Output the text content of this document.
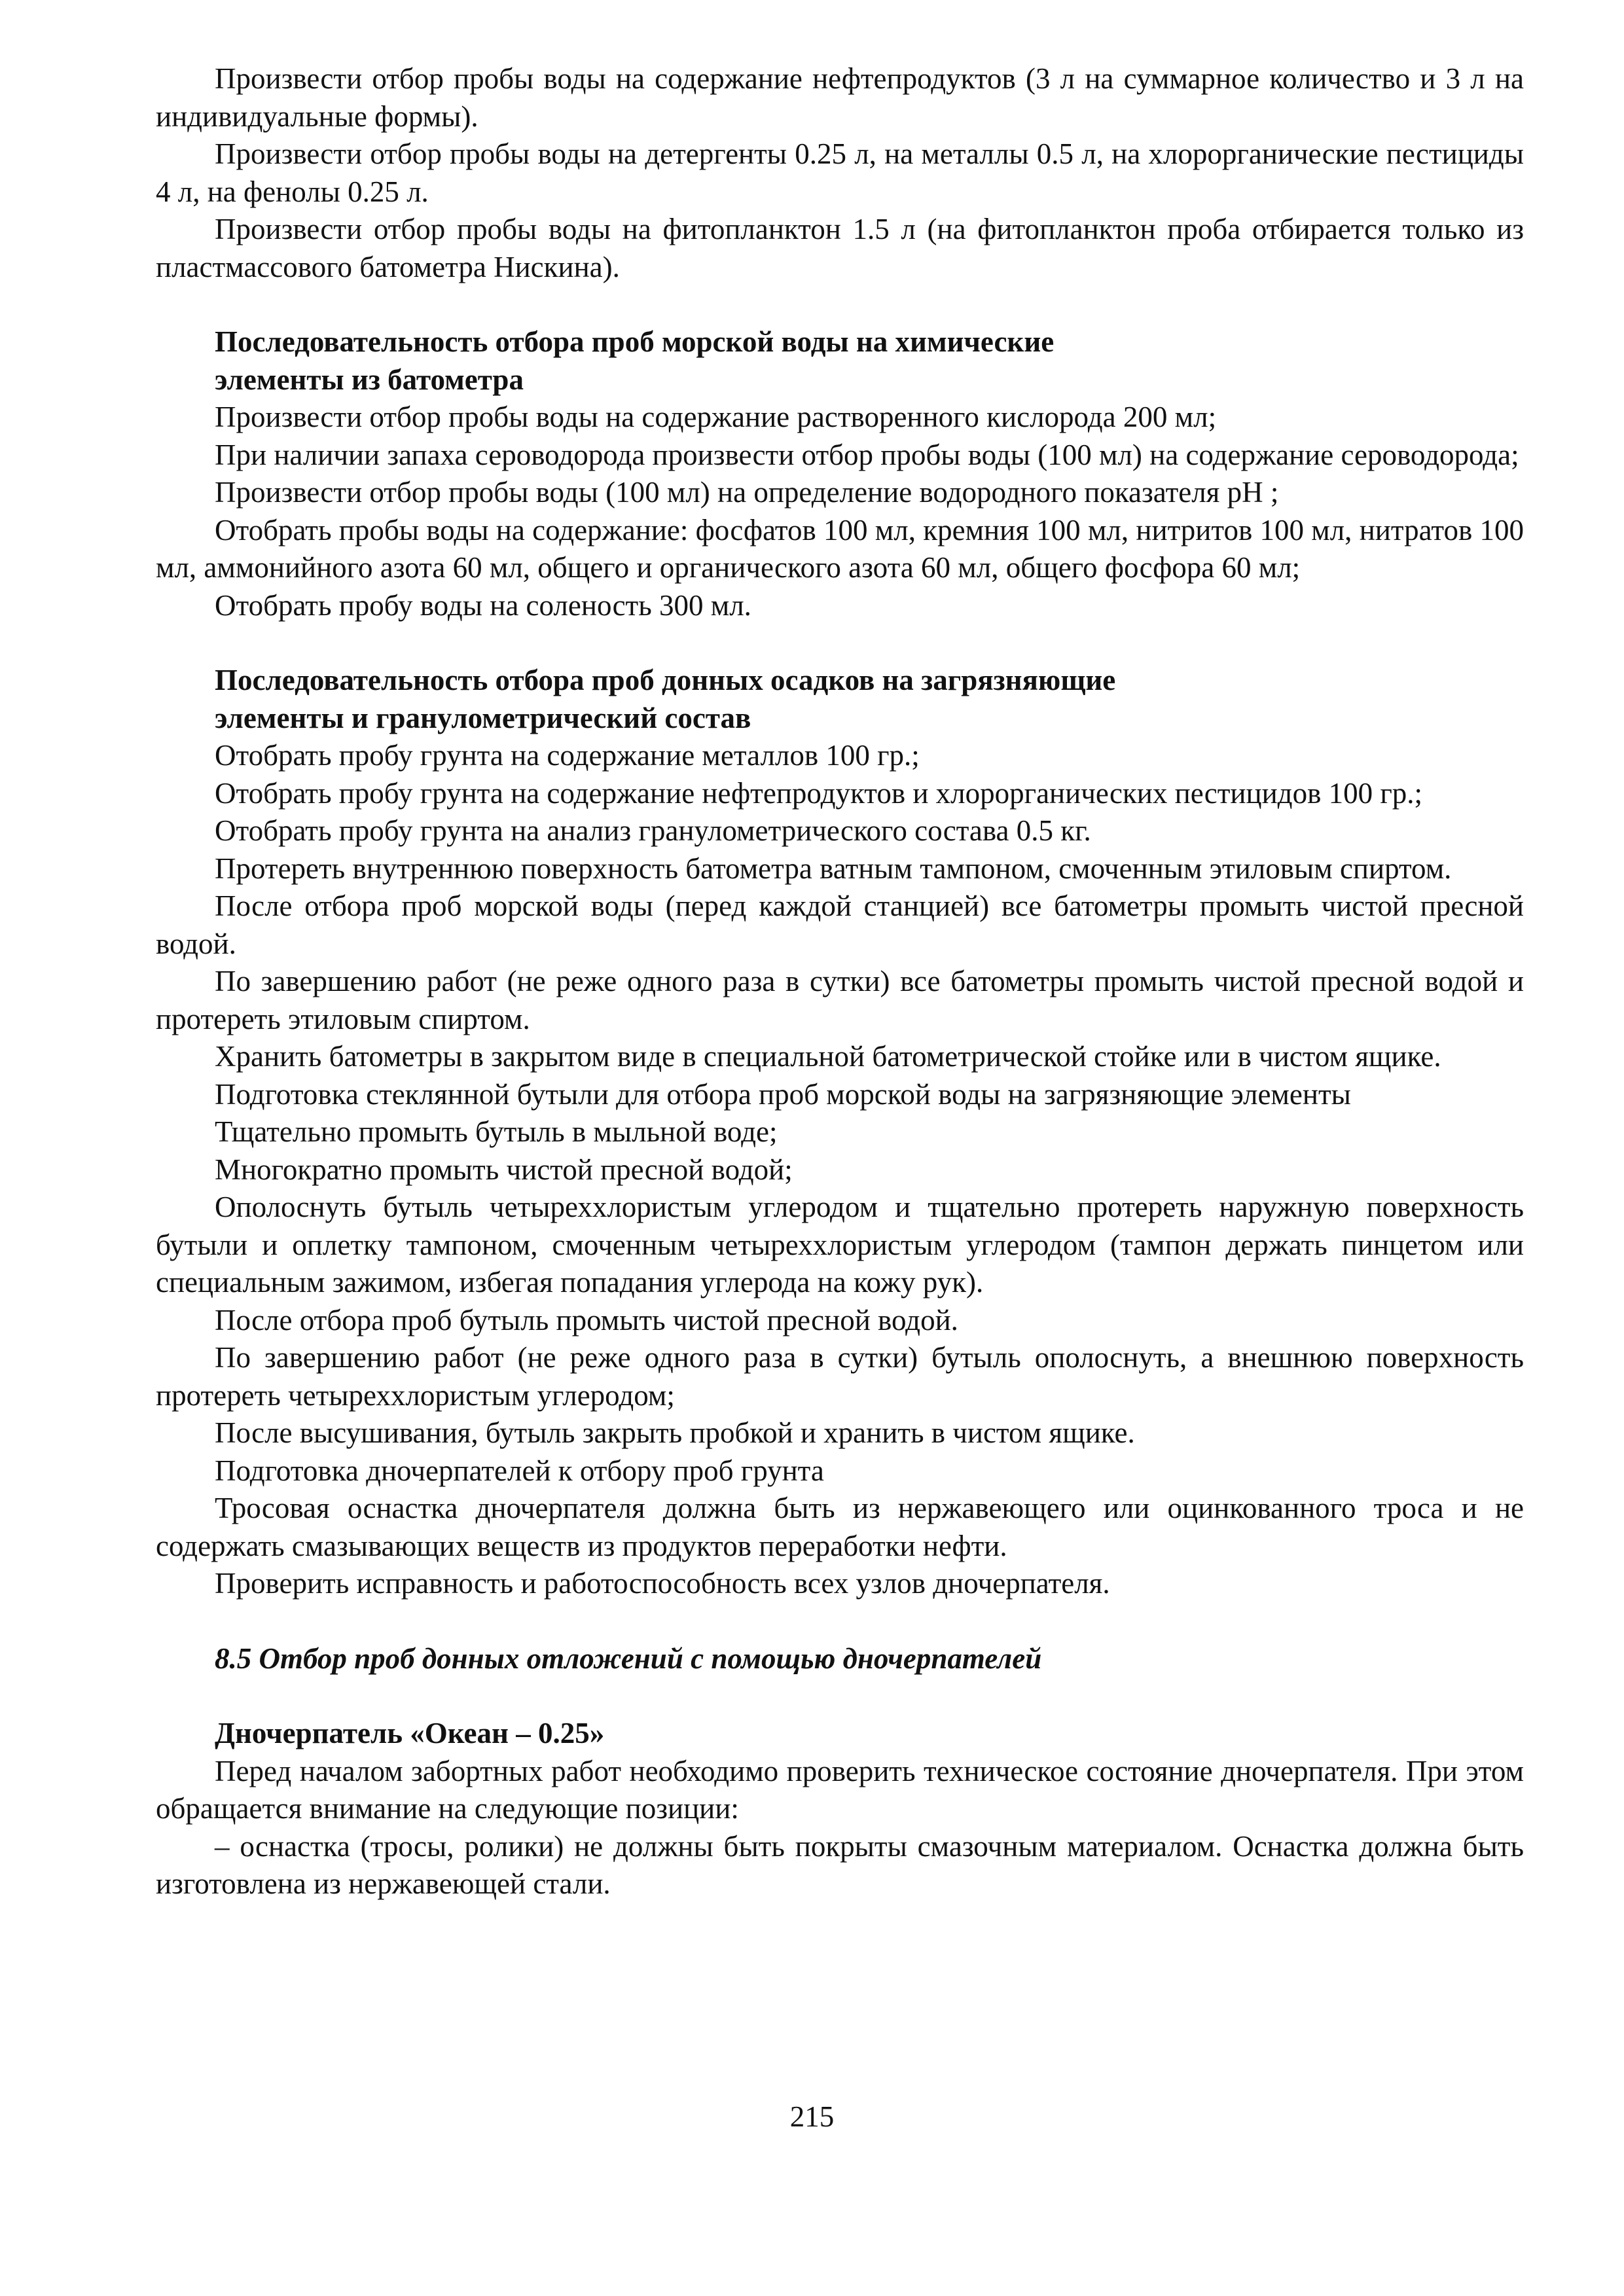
Произвести отбор пробы воды на содержание нефтепродуктов (3 л на суммарное количество и 3 л на индивидуальные формы).

Произвести отбор пробы воды на детергенты 0.25 л, на металлы 0.5 л, на хлорорганические пестициды 4 л, на фенолы 0.25 л.

Произвести отбор пробы воды на фитопланктон 1.5 л (на фитопланктон проба отбирается только из пластмассового батометра Нискина).

Последовательность отбора проб морской воды на химические

элементы из батометра

Произвести отбор пробы воды на содержание растворенного кислорода 200 мл;

При наличии запаха сероводорода произвести отбор пробы воды (100 мл) на содержание сероводорода;

Произвести отбор пробы воды (100 мл) на определение водородного показателя pH ;

Отобрать пробы воды на содержание: фосфатов 100 мл, кремния 100 мл, нитритов 100 мл, нитратов 100 мл, аммонийного азота 60 мл, общего и органического азота 60 мл, общего фосфора 60 мл;

Отобрать пробу воды на соленость 300 мл.

Последовательность отбора проб донных осадков на загрязняющие

элементы и гранулометрический состав

Отобрать пробу грунта на содержание металлов 100 гр.;

Отобрать пробу грунта на содержание нефтепродуктов и хлорорганических пестицидов 100 гр.;

Отобрать пробу грунта на анализ гранулометрического состава 0.5 кг.

Протереть внутреннюю поверхность батометра ватным тампоном, смоченным этиловым спиртом.

После отбора проб морской воды (перед каждой станцией) все батометры промыть чистой пресной водой.

По завершению работ (не реже одного раза в сутки) все батометры промыть чистой пресной водой и протереть этиловым спиртом.

Хранить батометры в закрытом виде в специальной батометрической стойке или в чистом ящике.

Подготовка стеклянной бутыли для отбора проб морской воды на загрязняющие элементы

Тщательно промыть бутыль в мыльной воде;

Многократно промыть чистой пресной водой;

Ополоснуть бутыль четыреххлористым углеродом и тщательно протереть наружную поверхность бутыли и оплетку тампоном, смоченным четыреххлористым углеродом (тампон держать пинцетом или специальным зажимом, избегая попадания углерода на кожу рук).

После отбора проб бутыль промыть чистой пресной водой.

По завершению работ (не реже одного раза в сутки) бутыль ополоснуть, а внешнюю поверхность протереть четыреххлористым углеродом;

После высушивания, бутыль закрыть пробкой и хранить в чистом ящике.

Подготовка дночерпателей к отбору проб грунта

Тросовая оснастка дночерпателя должна быть из нержавеющего или оцинкованного троса и не содержать смазывающих веществ из продуктов переработки нефти.

Проверить исправность и работоспособность всех узлов дночерпателя.

8.5 Отбор проб донных отложений с помощью дночерпателей

Дночерпатель «Океан – 0.25»

Перед началом забортных работ необходимо проверить техническое состояние дночерпателя. При этом обращается внимание на следующие позиции:

– оснастка (тросы, ролики) не должны быть покрыты смазочным материалом. Оснастка должна быть изготовлена из нержавеющей стали.

215
